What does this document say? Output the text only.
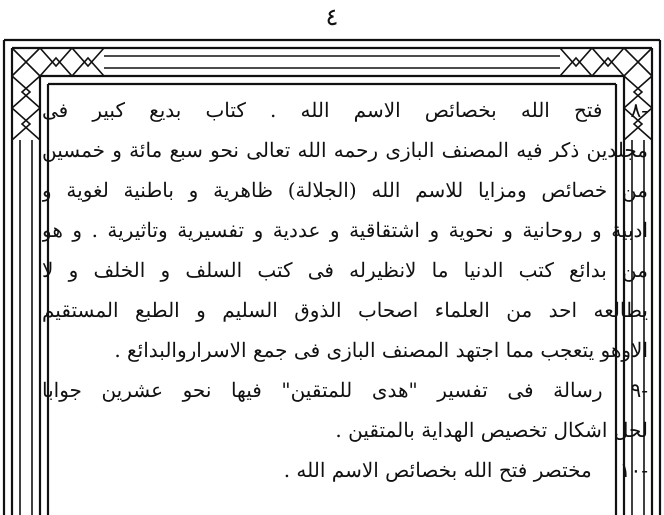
٤
-٨فتح الله بخصائص الاسم الله . كتاب بديع كبير فى
مجلدين ذكر فيه المصنف البازى رحمه الله تعالى نحو سبع مائة و خمسين
من خصائص ومزايا للاسم الله (الجلالة) ظاهرية و باطنية لغوية و
ادبية و روحانية و نحوية و اشتقاقية و عددية و تفسيرية وتاثيرية . و هو
من بدائع كتب الدنيا ما لانظيرله فى كتب السلف و الخلف و لا
يطالعه احد من العلماء اصحاب الذوق السليم و الطبع المستقيم
الاوهو يتعجب مما اجتهد المصنف البازى فى جمع الاسراروالبدائع .
-٩رسالة فى تفسير "هدى للمتقين" فيها نحو عشرين جوابا
لحل اشكال تخصيص الهداية بالمتقين .
-١٠مختصر فتح الله بخصائص الاسم الله .
